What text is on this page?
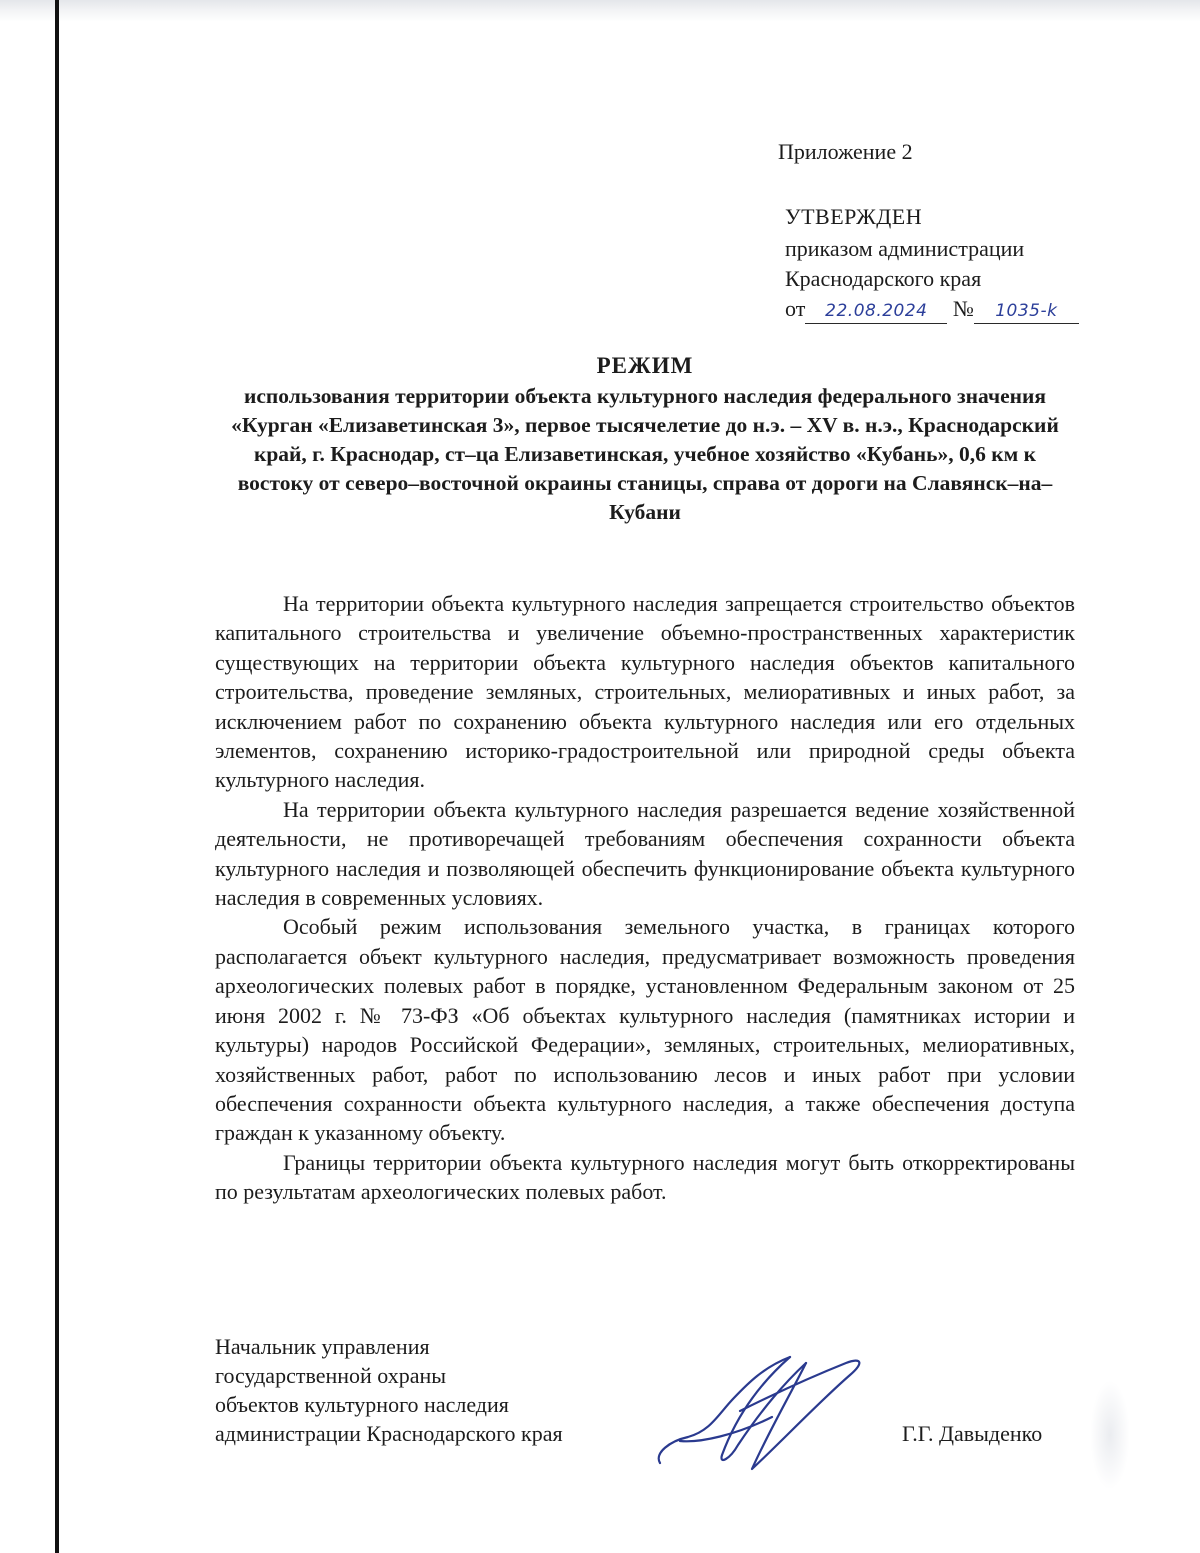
Приложение 2
УТВЕРЖДЕН
приказом администрации
Краснодарского края
от 22.08.2024 № 1035-k
РЕЖИМ
использования территории объекта культурного наследия федерального значения «Курган «Елизаветинская 3», первое тысячелетие до н.э. – XV в. н.э., Краснодарский край, г. Краснодар, ст–ца Елизаветинская, учебное хозяйство «Кубань», 0,6 км к востоку от северо–восточной окраины станицы, справа от дороги на Славянск–на–Кубани

На территории объекта культурного наследия запрещается строительство объектов капитального строительства и увеличение объемно-пространственных характеристик существующих на территории объекта культурного наследия объектов капитального строительства, проведение земляных, строительных, мелиоративных и иных работ, за исключением работ по сохранению объекта культурного наследия или его отдельных элементов, сохранению историко-градостроительной или природной среды объекта культурного наследия.

На территории объекта культурного наследия разрешается ведение хозяйственной деятельности, не противоречащей требованиям обеспечения сохранности объекта культурного наследия и позволяющей обеспечить функционирование объекта культурного наследия в современных условиях.

Особый режим использования земельного участка, в границах которого располагается объект культурного наследия, предусматривает возможность проведения археологических полевых работ в порядке, установленном Федеральным законом от 25 июня 2002 г. № 73-ФЗ «Об объектах культурного наследия (памятниках истории и культуры) народов Российской Федерации», земляных, строительных, мелиоративных, хозяйственных работ, работ по использованию лесов и иных работ при условии обеспечения сохранности объекта культурного наследия, а также обеспечения доступа граждан к указанному объекту.

Границы территории объекта культурного наследия могут быть откорректированы по результатам археологических полевых работ.

Начальник управления
государственной охраны
объектов культурного наследия
администрации Краснодарского края	Г.Г. Давыденко
